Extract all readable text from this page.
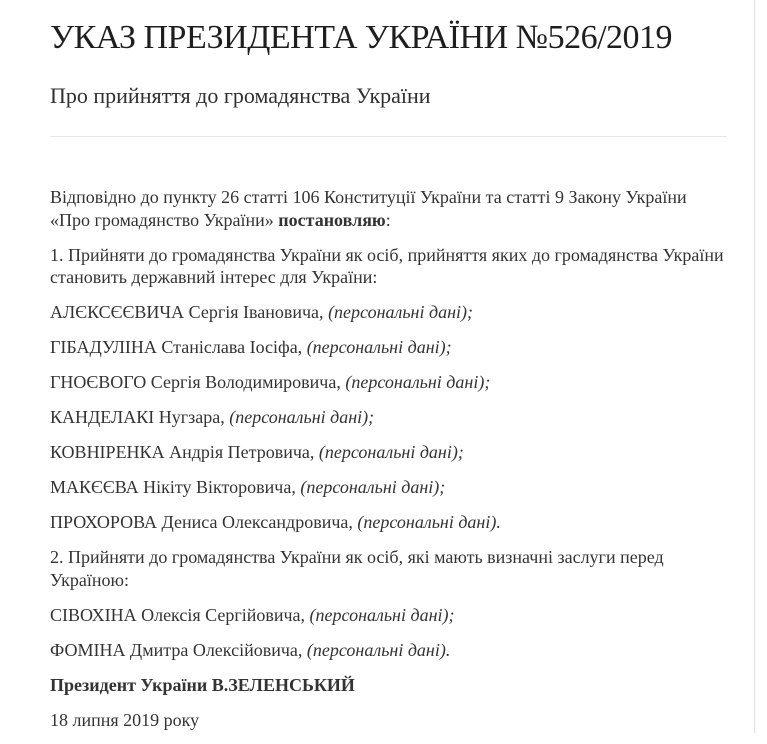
УКАЗ ПРЕЗИДЕНТА УКРАЇНИ №526/2019
Про прийняття до громадянства України

Відповідно до пункту 26 статті 106 Конституції України та статті 9 Закону України «Про громадянство України» постановляю:

1. Прийняти до громадянства України як осіб, прийняття яких до громадянства України становить державний інтерес для України:

АЛЄКСЄЄВИЧА Сергія Івановича, (персональні дані);

ГІБАДУЛІНА Станіслава Іосіфа, (персональні дані);

ГНОЄВОГО Сергія Володимировича, (персональні дані);

КАНДЕЛАКІ Нугзара, (персональні дані);

КОВНІРЕНКА Андрія Петровича, (персональні дані);

МАКЄЄВА Нікіту Вікторовича, (персональні дані);

ПРОХОРОВА Дениса Олександровича, (персональні дані).

2. Прийняти до громадянства України як осіб, які мають визначні заслуги перед Україною:

СІВОХІНА Олексія Сергійовича, (персональні дані);

ФОМІНА Дмитра Олексійовича, (персональні дані).

Президент України В.ЗЕЛЕНСЬКИЙ

18 липня 2019 року
